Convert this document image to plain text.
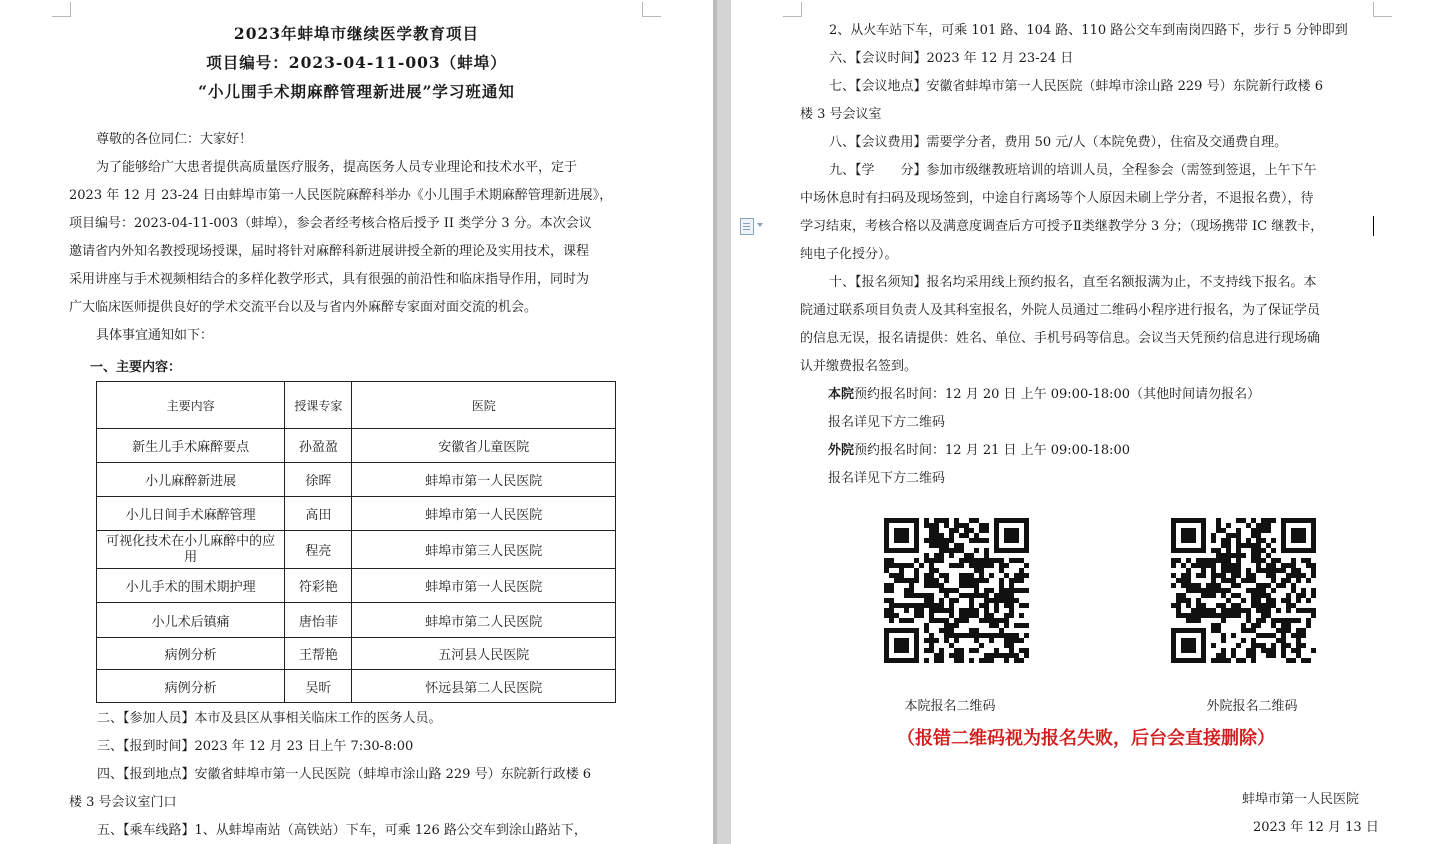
2023年蚌埠市继续医学教育项目
项目编号：2023-04-11-003（蚌埠）
“小儿围手术期麻醉管理新进展”学习班通知
尊敬的各位同仁：大家好！
为了能够给广大患者提供高质量医疗服务，提高医务人员专业理论和技术水平，定于
2023 年 12 月 23-24 日由蚌埠市第一人民医院麻醉科举办《小儿围手术期麻醉管理新进展》，
项目编号：2023-04-11-003（蚌埠），参会者经考核合格后授予 II 类学分 3 分。本次会议
邀请省内外知名教授现场授课，届时将针对麻醉科新进展讲授全新的理论及实用技术，课程
采用讲座与手术视频相结合的多样化教学形式，具有很强的前沿性和临床指导作用，同时为
广大临床医师提供良好的学术交流平台以及与省内外麻醉专家面对面交流的机会。
具体事宜通知如下：
一、主要内容：
主要内容	授课专家	医院
新生儿手术麻醉要点	孙盈盈	安徽省儿童医院
小儿麻醉新进展	徐晖	蚌埠市第一人民医院
小儿日间手术麻醉管理	高田	蚌埠市第一人民医院
可视化技术在小儿麻醉中的应用	程亮	蚌埠市第三人民医院
小儿手术的围术期护理	符彩艳	蚌埠市第一人民医院
小儿术后镇痛	唐怡菲	蚌埠市第二人民医院
病例分析	王帮艳	五河县人民医院
病例分析	吴昕	怀远县第二人民医院
二、【参加人员】本市及县区从事相关临床工作的医务人员。
三、【报到时间】2023 年 12 月 23 日上午 7:30-8:00
四、【报到地点】安徽省蚌埠市第一人民医院（蚌埠市涂山路 229 号）东院新行政楼 6
楼 3 号会议室门口
五、【乘车线路】1、从蚌埠南站（高铁站）下车，可乘 126 路公交车到涂山路站下，
2、从火车站下车，可乘 101 路、104 路、110 路公交车到南岗四路下，步行 5 分钟即到
六、【会议时间】2023 年 12 月 23-24 日
七、【会议地点】安徽省蚌埠市第一人民医院（蚌埠市涂山路 229 号）东院新行政楼 6
楼 3 号会议室
八、【会议费用】需要学分者，费用 50 元/人（本院免费），住宿及交通费自理。
九、【学　　分】参加市级继教班培训的培训人员，全程参会（需签到签退，上午下午
中场休息时有扫码及现场签到，中途自行离场等个人原因未刷上学分者，不退报名费），待
学习结束，考核合格以及满意度调查后方可授予Ⅱ类继教学分 3 分；（现场携带 IC 继教卡，
纯电子化授分）。
十、【报名须知】报名均采用线上预约报名，直至名额报满为止，不支持线下报名。本
院通过联系项目负责人及其科室报名，外院人员通过二维码小程序进行报名，为了保证学员
的信息无误，报名请提供：姓名、单位、手机号码等信息。会议当天凭预约信息进行现场确
认并缴费报名签到。
本院预约报名时间：12 月 20 日 上午 09:00-18:00（其他时间请勿报名）
报名详见下方二维码
外院预约报名时间：12 月 21 日 上午 09:00-18:00
报名详见下方二维码
本院报名二维码	外院报名二维码
蚌埠市第一人民医院
2023 年 12 月 13 日
（报错二维码视为报名失败，后台会直接删除）
